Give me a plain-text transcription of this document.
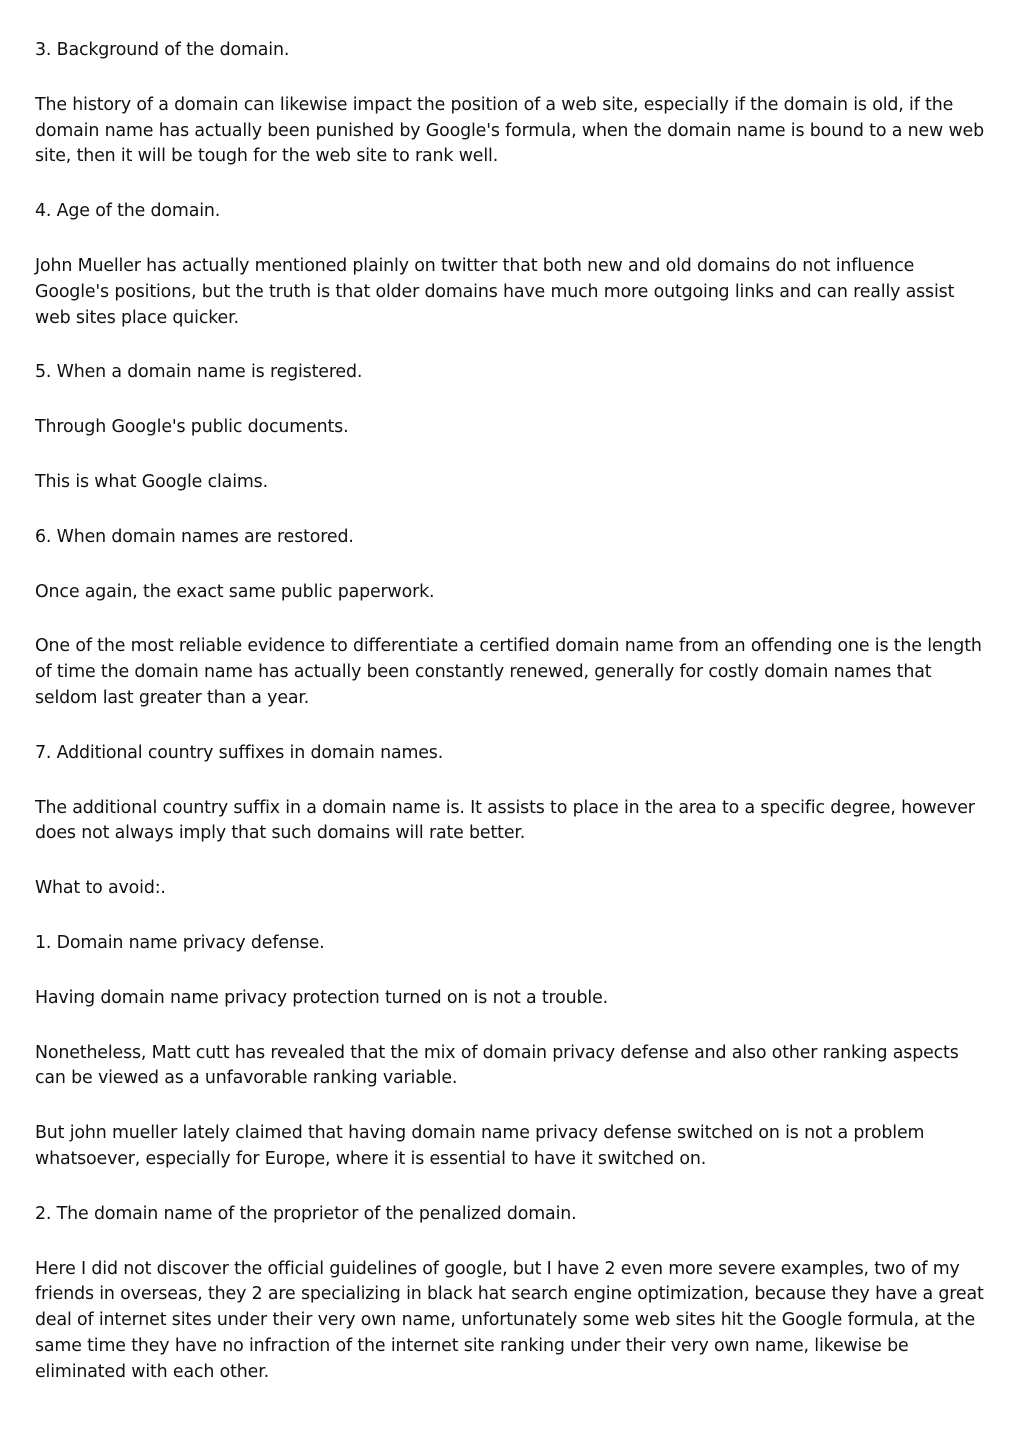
3. Background of the domain.

The history of a domain can likewise impact the position of a web site, especially if the domain is old, if the domain name has actually been punished by Google's formula, when the domain name is bound to a new web site, then it will be tough for the web site to rank well.

4. Age of the domain.

John Mueller has actually mentioned plainly on twitter that both new and old domains do not influence Google's positions, but the truth is that older domains have much more outgoing links and can really assist web sites place quicker.

5. When a domain name is registered.

Through Google's public documents.

This is what Google claims.

6. When domain names are restored.

Once again, the exact same public paperwork.

One of the most reliable evidence to differentiate a certified domain name from an offending one is the length of time the domain name has actually been constantly renewed, generally for costly domain names that seldom last greater than a year.

7. Additional country suffixes in domain names.

The additional country suffix in a domain name is. It assists to place in the area to a specific degree, however does not always imply that such domains will rate better.

What to avoid:.

1. Domain name privacy defense.

Having domain name privacy protection turned on is not a trouble.

Nonetheless, Matt cutt has revealed that the mix of domain privacy defense and also other ranking aspects can be viewed as a unfavorable ranking variable.

But john mueller lately claimed that having domain name privacy defense switched on is not a problem whatsoever, especially for Europe, where it is essential to have it switched on.

2. The domain name of the proprietor of the penalized domain.

Here I did not discover the official guidelines of google, but I have 2 even more severe examples, two of my friends in overseas, they 2 are specializing in black hat search engine optimization, because they have a great deal of internet sites under their very own name, unfortunately some web sites hit the Google formula, at the same time they have no infraction of the internet site ranking under their very own name, likewise be eliminated with each other.
